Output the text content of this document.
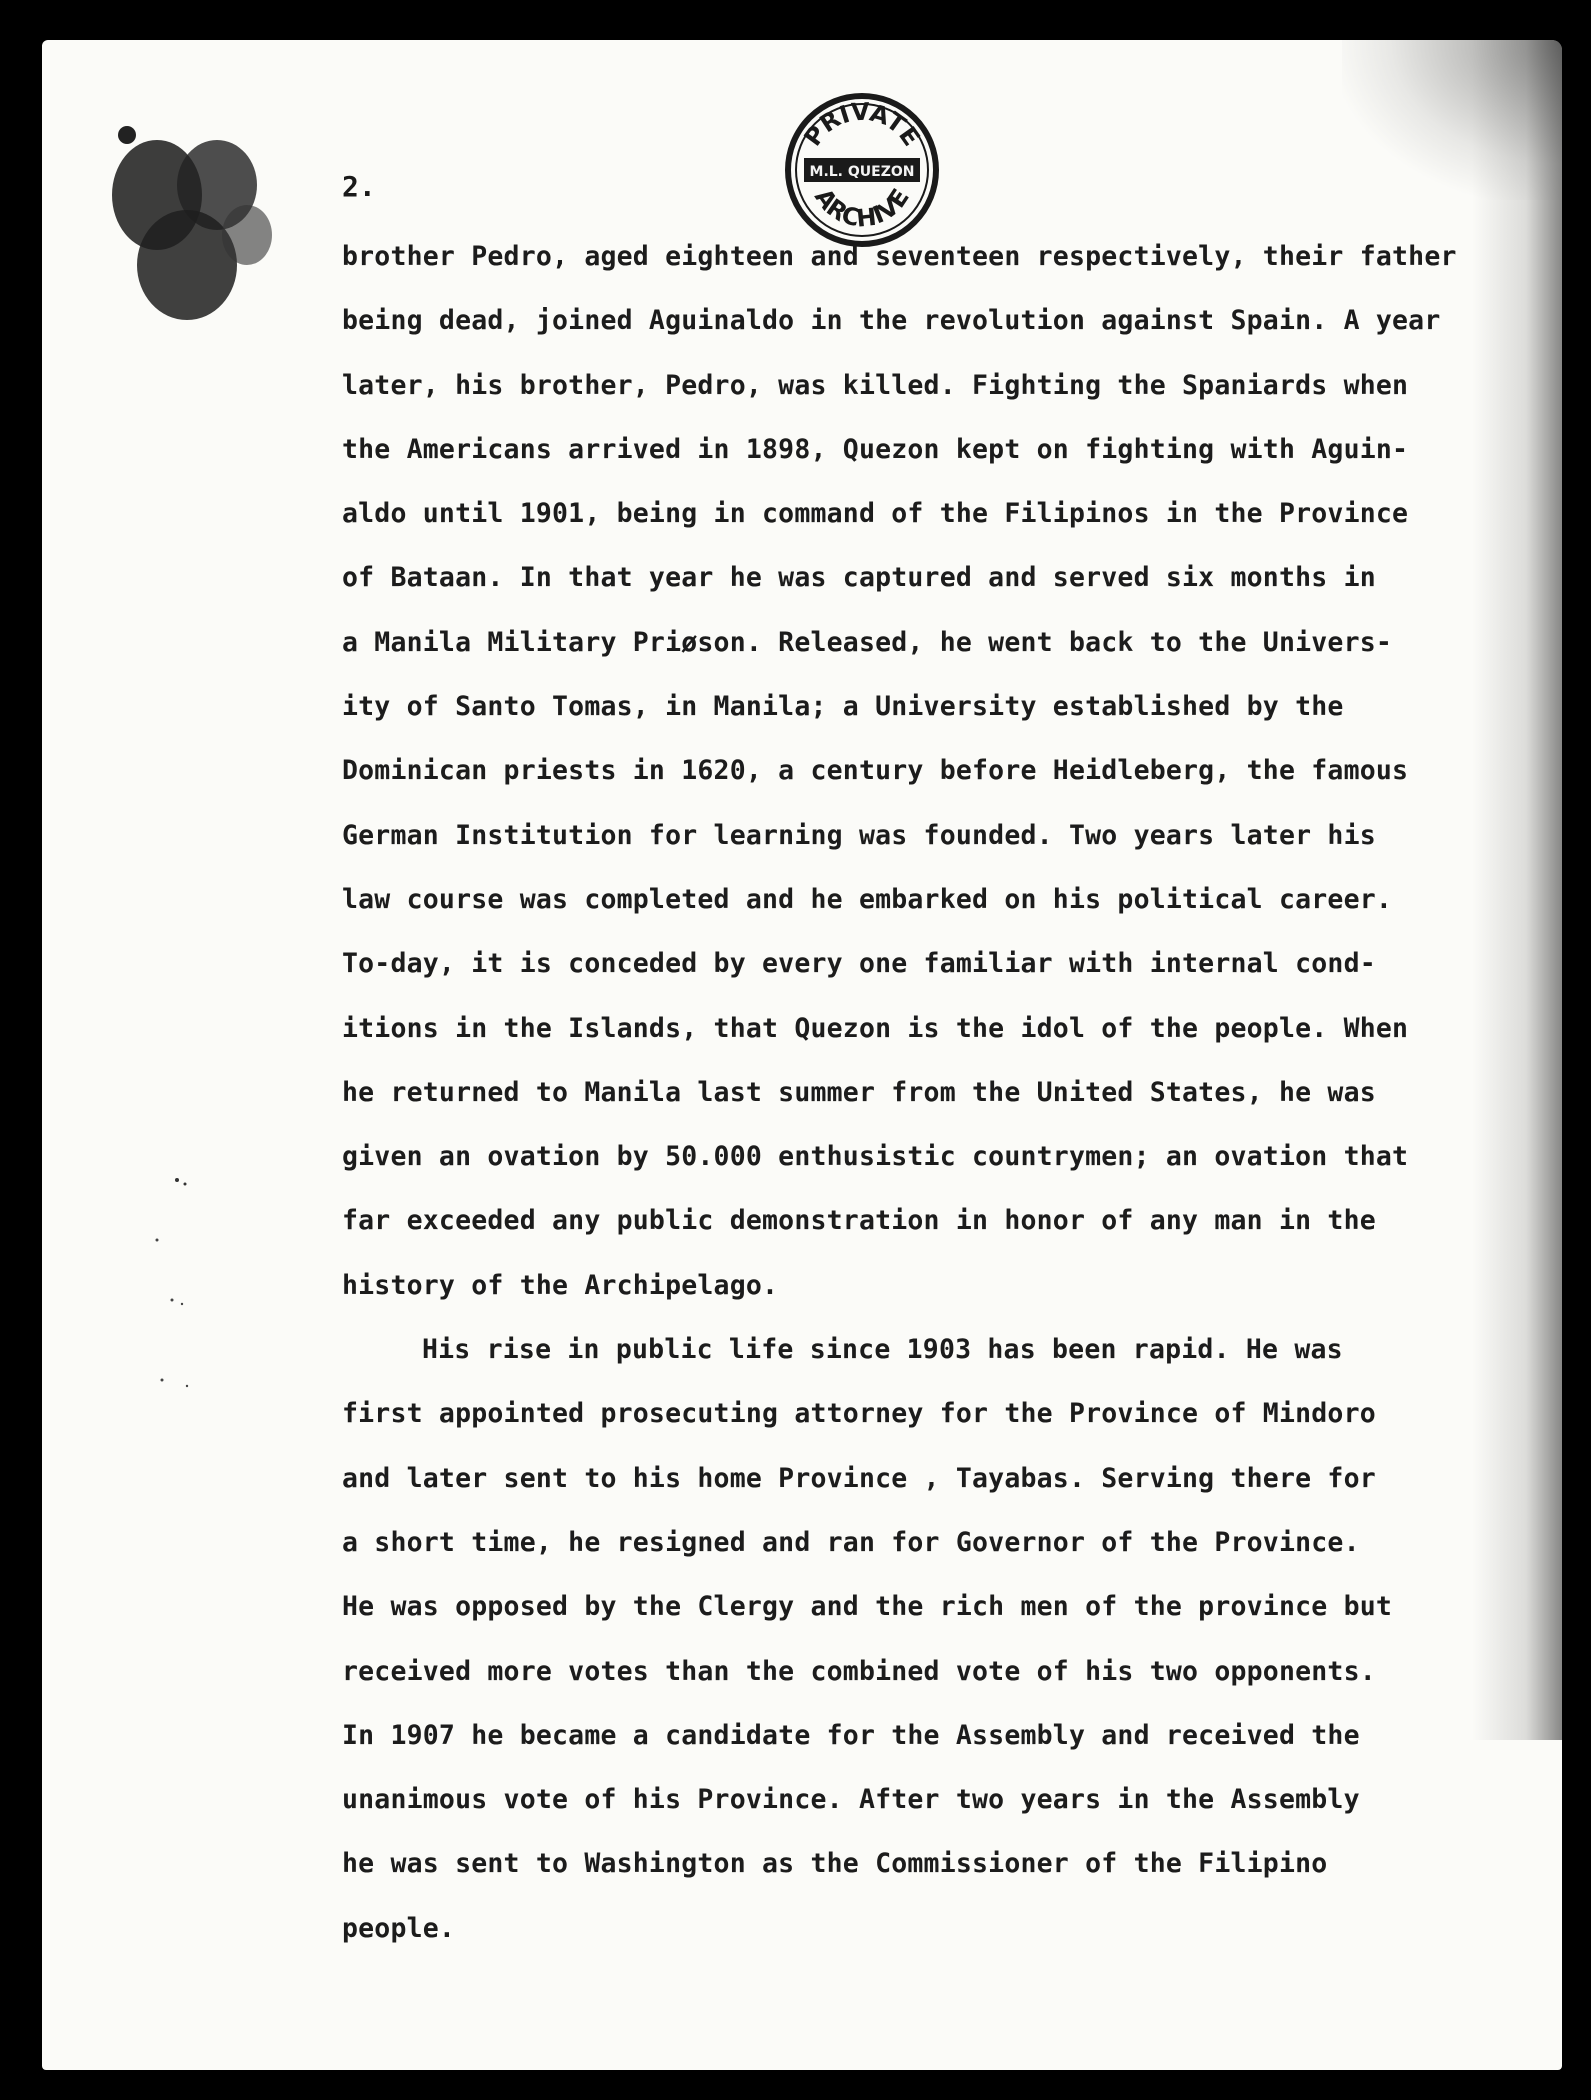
PRIVATE
M.L. QUEZON
ARCHIVE
2.
brother Pedro, aged eighteen and seventeen respectively, their father
being dead, joined Aguinaldo in the revolution against Spain. A year
later, his brother, Pedro, was killed. Fighting the Spaniards when
the Americans arrived in 1898, Quezon kept on fighting with Aguin-
aldo until 1901, being in command of the Filipinos in the Province
of Bataan. In that year he was captured and served six months in
a Manila Military Priøson. Released, he went back to the Univers-
ity of Santo Tomas, in Manila; a University established by the
Dominican priests in 1620, a century before Heidleberg, the famous
German Institution for learning was founded. Two years later his
law course was completed and he embarked on his political career.
To-day, it is conceded by every one familiar with internal cond-
itions in the Islands, that Quezon is the idol of the people. When
he returned to Manila last summer from the United States, he was
given an ovation by 50.000 enthusistic countrymen; an ovation that
far exceeded any public demonstration in honor of any man in the
history of the Archipelago.
His rise in public life since 1903 has been rapid. He was
first appointed prosecuting attorney for the Province of Mindoro
and later sent to his home Province , Tayabas. Serving there for
a short time, he resigned and ran for Governor of the Province.
He was opposed by the Clergy and the rich men of the province but
received more votes than the combined vote of his two opponents.
In 1907 he became a candidate for the Assembly and received the
unanimous vote of his Province. After two years in the Assembly
he was sent to Washington as the Commissioner of the Filipino
people.
